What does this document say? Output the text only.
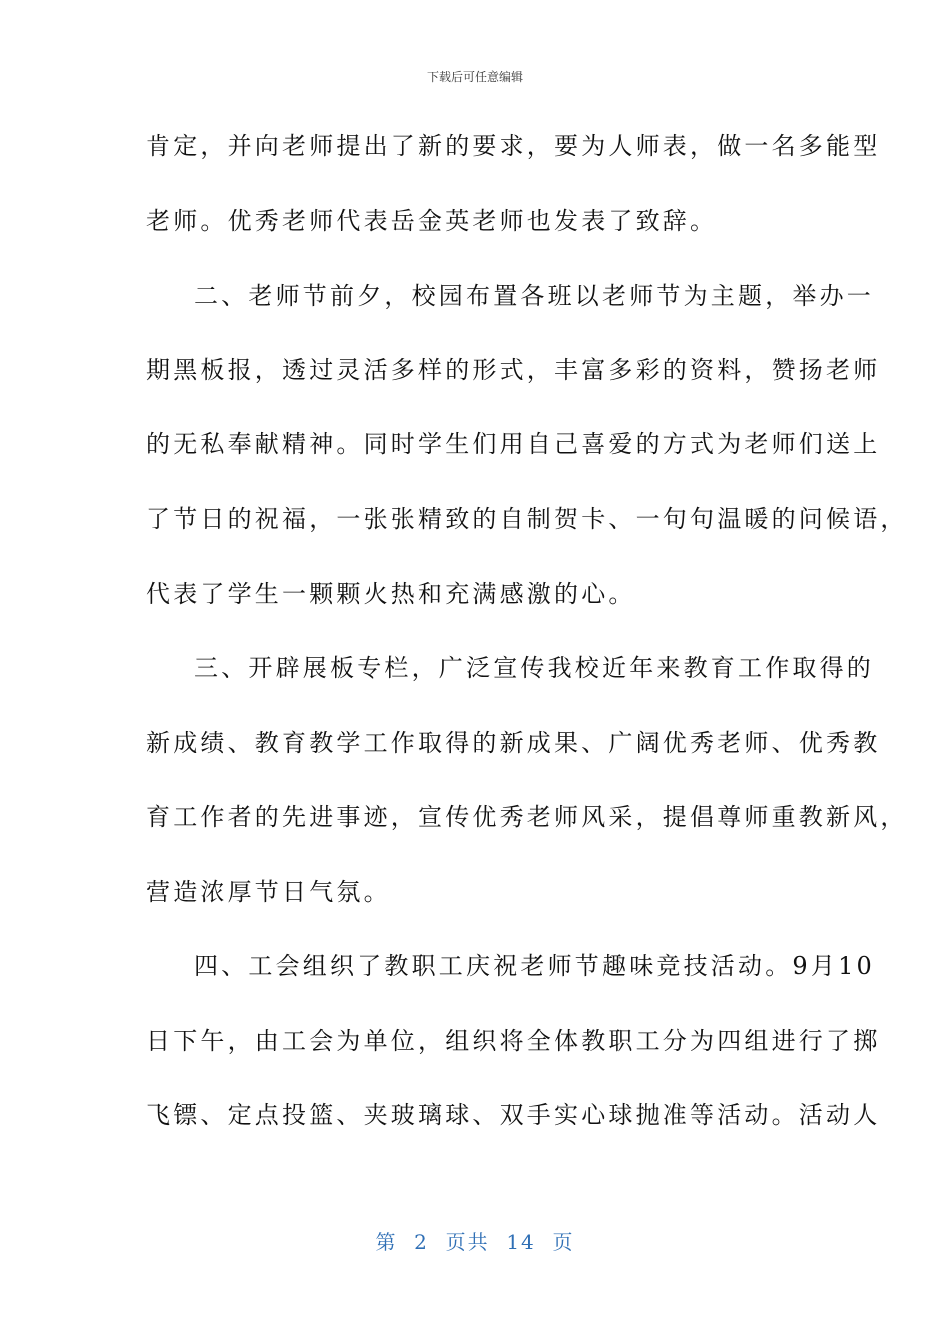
下载后可任意编辑
肯定，并向老师提出了新的要求，要为人师表，做一名多能型
老师。优秀老师代表岳金英老师也发表了致辞。
二、老师节前夕，校园布置各班以老师节为主题，举办一
期黑板报，透过灵活多样的形式，丰富多彩的资料，赞扬老师
的无私奉献精神。同时学生们用自己喜爱的方式为老师们送上
了节日的祝福，一张张精致的自制贺卡、一句句温暖的问候语，
代表了学生一颗颗火热和充满感激的心。
三、开辟展板专栏，广泛宣传我校近年来教育工作取得的
新成绩、教育教学工作取得的新成果、广阔优秀老师、优秀教
育工作者的先进事迹，宣传优秀老师风采，提倡尊师重教新风，
营造浓厚节日气氛。
四、工会组织了教职工庆祝老师节趣味竞技活动。9月10
日下午，由工会为单位，组织将全体教职工分为四组进行了掷
飞镖、定点投篮、夹玻璃球、双手实心球抛准等活动。活动人
第  2  页共  14  页
